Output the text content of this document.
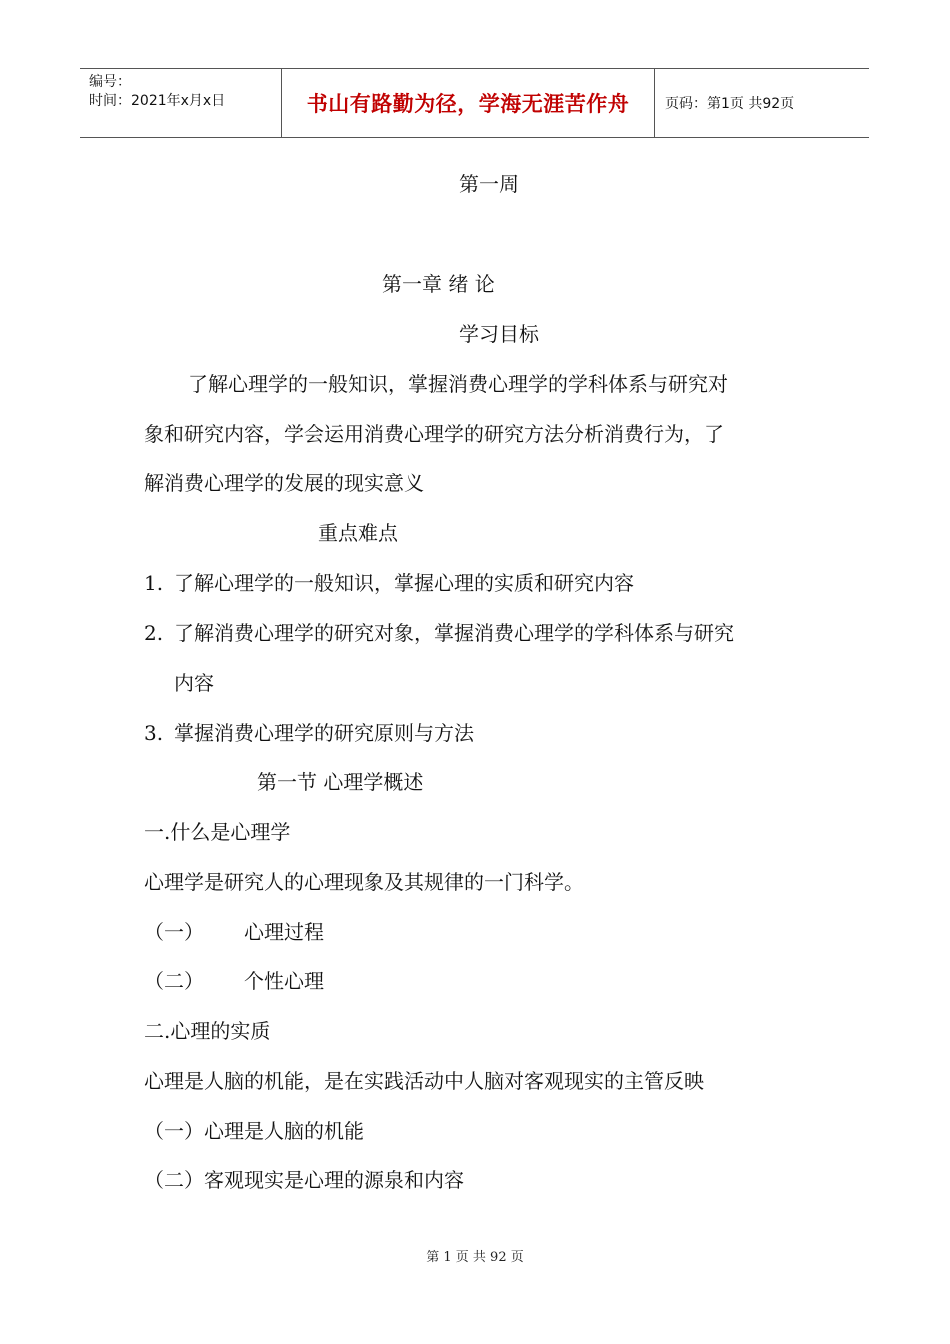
编号：
时间：2021年x月x日	书山有路勤为径，学海无涯苦作舟	页码：第1页 共92页
第一周
第一章 绪 论
学习目标
了解心理学的一般知识，掌握消费心理学的学科体系与研究对
象和研究内容，学会运用消费心理学的研究方法分析消费行为，了
解消费心理学的发展的现实意义
重点难点
1. 了解心理学的一般知识，掌握心理的实质和研究内容
2. 了解消费心理学的研究对象，掌握消费心理学的学科体系与研究
内容
3. 掌握消费心理学的研究原则与方法
第一节 心理学概述
一.什么是心理学
心理学是研究人的心理现象及其规律的一门科学。
（一） 心理过程
（二） 个性心理
二.心理的实质
心理是人脑的机能，是在实践活动中人脑对客观现实的主管反映
（一）心理是人脑的机能
（二）客观现实是心理的源泉和内容
第 1 页 共 92 页
